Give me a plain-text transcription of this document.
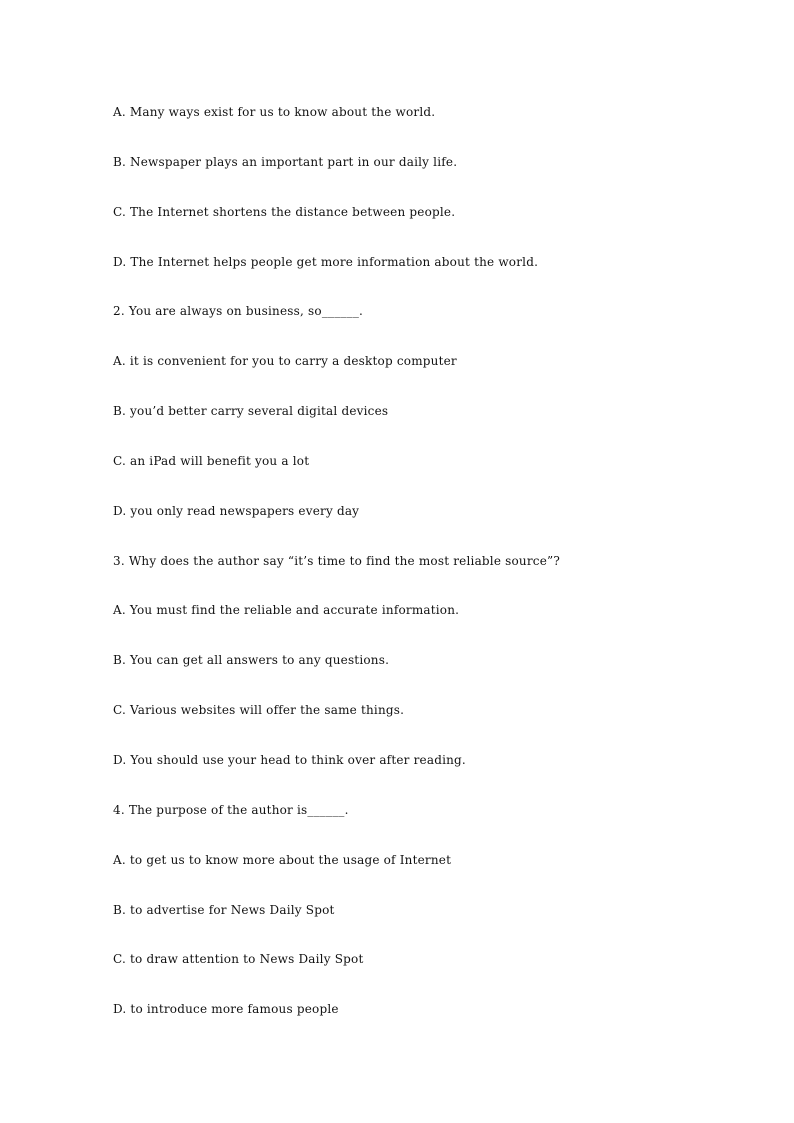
A. Many ways exist for us to know about the world.
B. Newspaper plays an important part in our daily life.
C. The Internet shortens the distance between people.
D. The Internet helps people get more information about the world.
2. You are always on business, so______.
A. it is convenient for you to carry a desktop computer
B. you’d better carry several digital devices
C. an iPad will benefit you a lot
D. you only read newspapers every day
3. Why does the author say “it’s time to find the most reliable source”?
A. You must find the reliable and accurate information.
B. You can get all answers to any questions.
C. Various websites will offer the same things.
D. You should use your head to think over after reading.
4. The purpose of the author is______.
A. to get us to know more about the usage of Internet
B. to advertise for News Daily Spot
C. to draw attention to News Daily Spot
D. to introduce more famous people
